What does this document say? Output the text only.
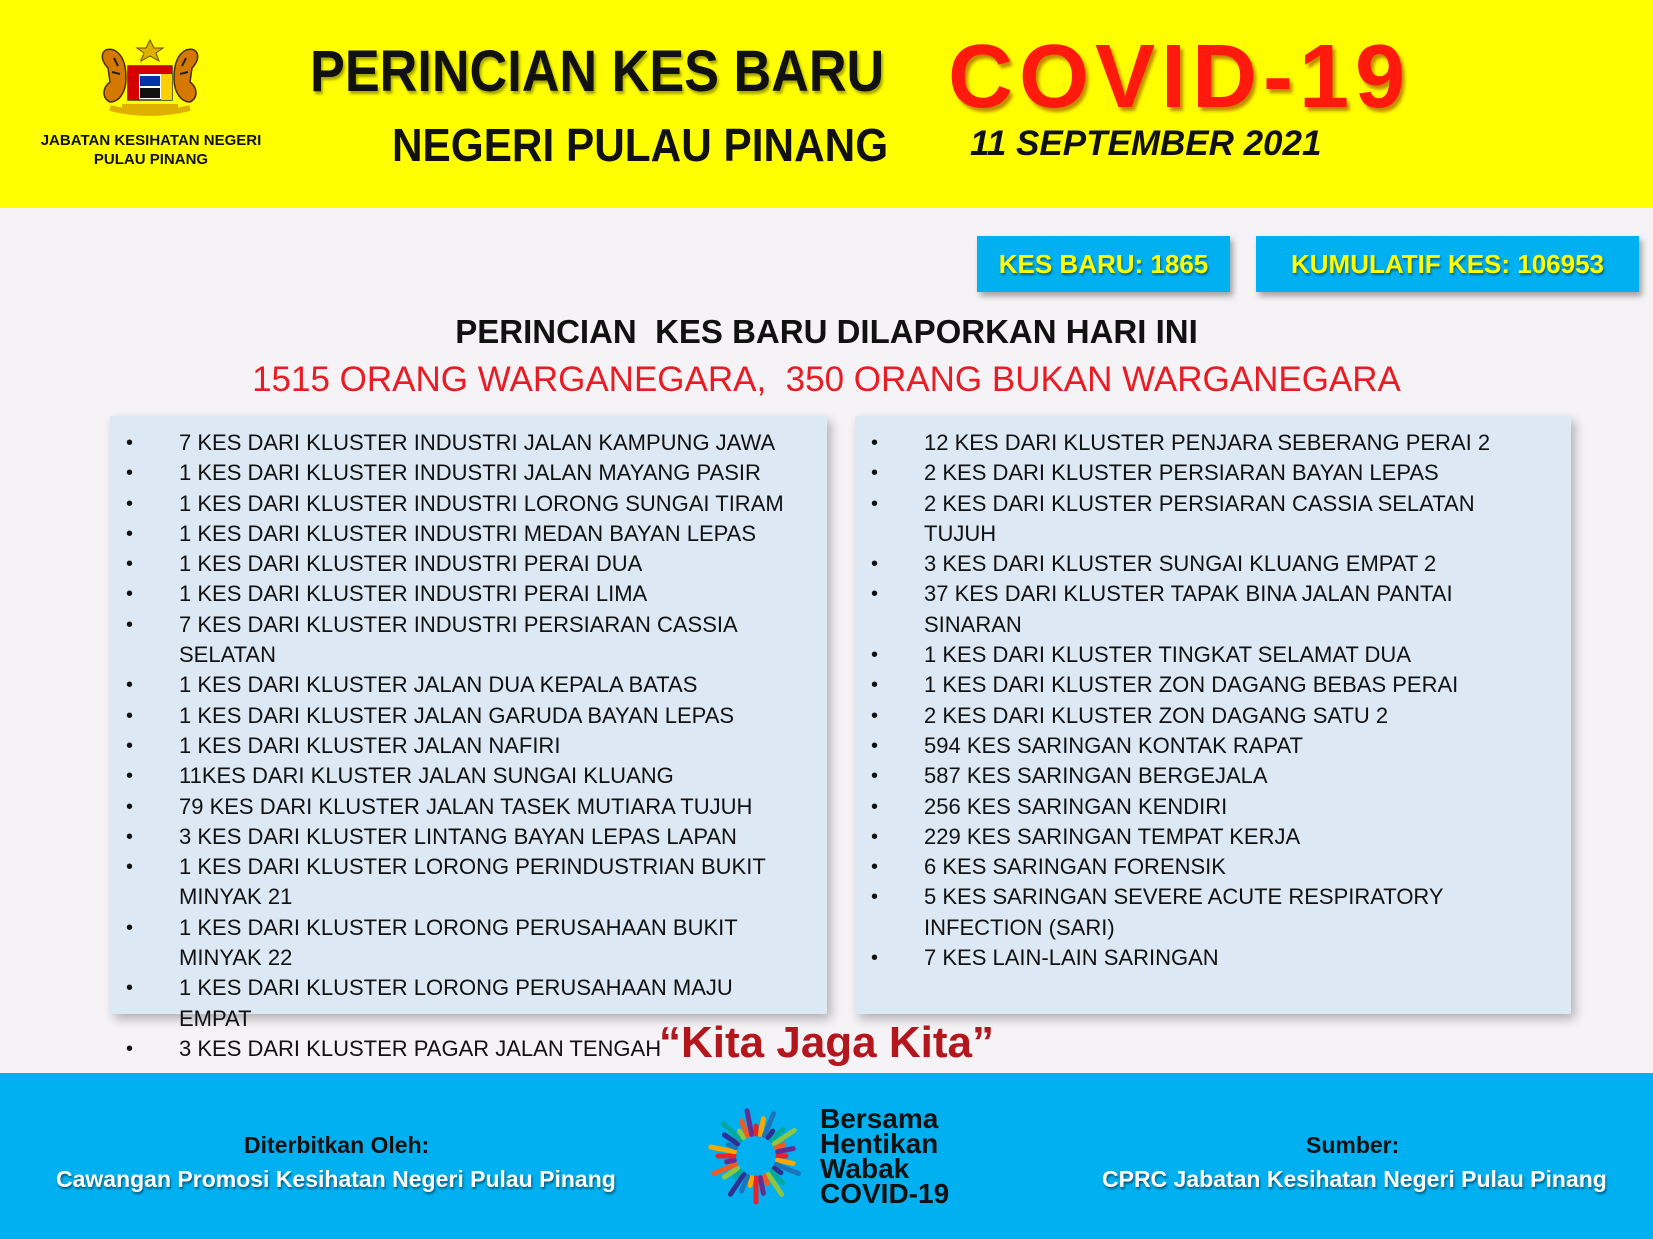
JABATAN KESIHATAN NEGERI
PULAU PINANG
PERINCIAN KES BARU COVID-19
NEGERI PULAU PINANG 11 SEPTEMBER 2021
KES BARU: 1865	KUMULATIF KES: 106953
PERINCIAN  KES BARU DILAPORKAN HARI INI
1515 ORANG WARGANEGARA,  350 ORANG BUKAN WARGANEGARA
• 7 KES DARI KLUSTER INDUSTRI JALAN KAMPUNG JAWA
• 1 KES DARI KLUSTER INDUSTRI JALAN MAYANG PASIR
• 1 KES DARI KLUSTER INDUSTRI LORONG SUNGAI TIRAM
• 1 KES DARI KLUSTER INDUSTRI MEDAN BAYAN LEPAS
• 1 KES DARI KLUSTER INDUSTRI PERAI DUA
• 1 KES DARI KLUSTER INDUSTRI PERAI LIMA
• 7 KES DARI KLUSTER INDUSTRI PERSIARAN CASSIA SELATAN
• 1 KES DARI KLUSTER JALAN DUA KEPALA BATAS
• 1 KES DARI KLUSTER JALAN GARUDA BAYAN LEPAS
• 1 KES DARI KLUSTER JALAN NAFIRI
• 11KES DARI KLUSTER JALAN SUNGAI KLUANG
• 79 KES DARI KLUSTER JALAN TASEK MUTIARA TUJUH
• 3 KES DARI KLUSTER LINTANG BAYAN LEPAS LAPAN
• 1 KES DARI KLUSTER LORONG PERINDUSTRIAN BUKIT MINYAK 21
• 1 KES DARI KLUSTER LORONG PERUSAHAAN BUKIT MINYAK 22
• 1 KES DARI KLUSTER LORONG PERUSAHAAN MAJU EMPAT
• 3 KES DARI KLUSTER PAGAR JALAN TENGAH
• 12 KES DARI KLUSTER PENJARA SEBERANG PERAI 2
• 2 KES DARI KLUSTER PERSIARAN BAYAN LEPAS
• 2 KES DARI KLUSTER PERSIARAN CASSIA SELATAN TUJUH
• 3 KES DARI KLUSTER SUNGAI KLUANG EMPAT 2
• 37 KES DARI KLUSTER TAPAK BINA JALAN PANTAI SINARAN
• 1 KES DARI KLUSTER TINGKAT SELAMAT DUA
• 1 KES DARI KLUSTER ZON DAGANG BEBAS PERAI
• 2 KES DARI KLUSTER ZON DAGANG SATU 2
• 594 KES SARINGAN KONTAK RAPAT
• 587 KES SARINGAN BERGEJALA
• 256 KES SARINGAN KENDIRI
• 229 KES SARINGAN TEMPAT KERJA
• 6 KES SARINGAN FORENSIK
• 5 KES SARINGAN SEVERE ACUTE RESPIRATORY INFECTION (SARI)
• 7 KES LAIN-LAIN SARINGAN
“Kita Jaga Kita”
Diterbitkan Oleh:
Cawangan Promosi Kesihatan Negeri Pulau Pinang
Sumber:
CPRC Jabatan Kesihatan Negeri Pulau Pinang
Bersama
Hentikan
Wabak
COVID-19
